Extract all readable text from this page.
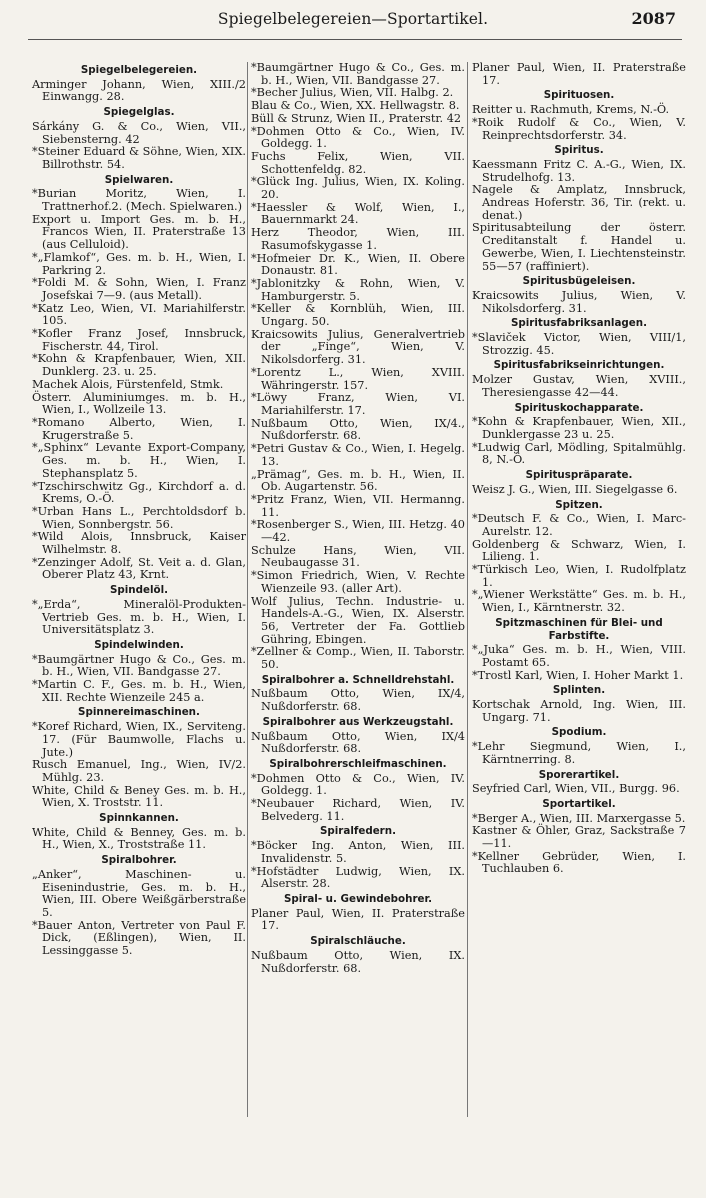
Spiegelbelegereien—Sportartikel.	2087
Spiegelbelegereien.
Arminger Johann, Wien, XIII./2 Einwangg. 28.
Spiegelglas.
Sárkány G. & Co., Wien, VII., Siebensterng. 42
*Steiner Eduard & Söhne, Wien, XIX. Billrothstr. 54.
Spielwaren.
*Burian Moritz, Wien, I. Trattnerhof.2. (Mech. Spielwaren.)
Export u. Import Ges. m. b. H., Francos Wien, II. Praterstraße 13 (aus Celluloid).
*„Flamkof“, Ges. m. b. H., Wien, I. Parkring 2.
*Foldi M. & Sohn, Wien, I. Franz Josefskai 7—9. (aus Metall).
*Katz Leo, Wien, VI. Mariahilferstr. 105.
*Kofler Franz Josef, Innsbruck, Fischerstr. 44, Tirol.
*Kohn & Krapfenbauer, Wien, XII. Dunklerg. 23. u. 25.
Machek Alois, Fürstenfeld, Stmk.
Österr. Aluminiumges. m. b. H., Wien, I., Wollzeile 13.
*Romano Alberto, Wien, I. Krugerstraße 5.
*„Sphinx“ Levante Export-Company, Ges. m. b. H., Wien, I. Stephansplatz 5.
*Tzschirschwitz Gg., Kirchdorf a. d. Krems, O.-Ö.
*Urban Hans L., Perchtoldsdorf b. Wien, Sonnbergstr. 56.
*Wild Alois, Innsbruck, Kaiser Wilhelmstr. 8.
*Zenzinger Adolf, St. Veit a. d. Glan, Oberer Platz 43, Krnt.
Spindelöl.
*„Erda“, Mineralöl-Produkten-Vertrieb Ges. m. b. H., Wien, I. Universitätsplatz 3.
Spindelwinden.
*Baumgärtner Hugo & Co., Ges. m. b. H., Wien, VII. Bandgasse 27.
*Martin C. F., Ges. m. b. H., Wien, XII. Rechte Wienzeile 245 a.
Spinnereimaschinen.
*Koref Richard, Wien, IX., Serviteng. 17. (Für Baumwolle, Flachs u. Jute.)
Rusch Emanuel, Ing., Wien, IV/2. Mühlg. 23.
White, Child & Beney Ges. m. b. H., Wien, X. Troststr. 11.
Spinnkannen.
White, Child & Benney, Ges. m. b. H., Wien, X., Troststraße 11.
Spiralbohrer.
„Anker“, Maschinen- u. Eisenindustrie, Ges. m. b. H., Wien, III. Obere Weißgärberstraße 5.
*Bauer Anton, Vertreter von Paul F. Dick, (Eßlingen), Wien, II. Lessinggasse 5.
*Baumgärtner Hugo & Co., Ges. m. b. H., Wien, VII. Bandgasse 27.
*Becher Julius, Wien, VII. Halbg. 2.
Blau & Co., Wien, XX. Hellwagstr. 8.
Büll & Strunz, Wien II., Praterstr. 42
*Dohmen Otto & Co., Wien, IV. Goldegg. 1.
Fuchs Felix, Wien, VII. Schottenfeldg. 82.
*Glück Ing. Julius, Wien, IX. Koling. 20.
*Haessler & Wolf, Wien, I., Bauernmarkt 24.
Herz Theodor, Wien, III. Rasumofskygasse 1.
*Hofmeier Dr. K., Wien, II. Obere Donaustr. 81.
*Jablonitzky & Rohn, Wien, V. Hamburgerstr. 5.
*Keller & Kornblüh, Wien, III. Ungarg. 50.
Kraicsowits Julius, Generalvertrieb der „Finge“, Wien, V. Nikolsdorferg. 31.
*Lorentz L., Wien, XVIII. Währingerstr. 157.
*Löwy Franz, Wien, VI. Mariahilferstr. 17.
Nußbaum Otto, Wien, IX/4., Nußdorferstr. 68.
*Petri Gustav & Co., Wien, I. Hegelg. 13.
„Prämag“, Ges. m. b. H., Wien, II. Ob. Augartenstr. 56.
*Pritz Franz, Wien, VII. Hermanng. 11.
*Rosenberger S., Wien, III. Hetzg. 40—42.
Schulze Hans, Wien, VII. Neubaugasse 31.
*Simon Friedrich, Wien, V. Rechte Wienzeile 93. (aller Art).
Wolf Julius, Techn. Industrie- u. Handels-A.-G., Wien, IX. Alserstr. 56, Vertreter der Fa. Gottlieb Gühring, Ebingen.
*Zellner & Comp., Wien, II. Taborstr. 50.
Spiralbohrer a. Schnelldrehstahl.
Nußbaum Otto, Wien, IX/4, Nußdorferstr. 68.
Spiralbohrer aus Werkzeugstahl.
Nußbaum Otto, Wien, IX/4 Nußdorferstr. 68.
Spiralbohrerschleifmaschinen.
*Dohmen Otto & Co., Wien, IV. Goldegg. 1.
*Neubauer Richard, Wien, IV. Belvederg. 11.
Spiralfedern.
*Böcker Ing. Anton, Wien, III. Invalidenstr. 5.
*Hofstädter Ludwig, Wien, IX. Alserstr. 28.
Spiral- u. Gewindebohrer.
Planer Paul, Wien, II. Praterstraße 17.
Spiralschläuche.
Nußbaum Otto, Wien, IX. Nußdorferstr. 68.
Planer Paul, Wien, II. Praterstraße 17.
Spirituosen.
Reitter u. Rachmuth, Krems, N.-Ö.
*Roik Rudolf & Co., Wien, V. Reinprechtsdorferstr. 34.
Spiritus.
Kaessmann Fritz C. A.-G., Wien, IX. Strudelhofg. 13.
Nagele & Amplatz, Innsbruck, Andreas Hoferstr. 36, Tir. (rekt. u. denat.)
Spiritusabteilung der österr. Creditanstalt f. Handel u. Gewerbe, Wien, I. Liechtensteinstr. 55—57 (raffiniert).
Spiritusbügeleisen.
Kraicsowits Julius, Wien, V. Nikolsdorferg. 31.
Spiritusfabriksanlagen.
*Slaviček Victor, Wien, VIII/1, Strozzig. 45.
Spiritusfabrikseinrichtungen.
Molzer Gustav, Wien, XVIII., Theresiengasse 42—44.
Spirituskochapparate.
*Kohn & Krapfenbauer, Wien, XII., Dunklergasse 23 u. 25.
*Ludwig Carl, Mödling, Spitalmühlg. 8, N.-Ö.
Spirituspräparate.
Weisz J. G., Wien, III. Siegelgasse 6.
Spitzen.
*Deutsch F. & Co., Wien, I. Marc-Aurelstr. 12.
Goldenberg & Schwarz, Wien, I. Lilieng. 1.
*Türkisch Leo, Wien, I. Rudolfplatz 1.
*„Wiener Werkstätte“ Ges. m. b. H., Wien, I., Kärntnerstr. 32.
Spitzmaschinen für Blei- und Farbstifte.
*„Juka“ Ges. m. b. H., Wien, VIII. Postamt 65.
*Trostl Karl, Wien, I. Hoher Markt 1.
Splinten.
Kortschak Arnold, Ing. Wien, III. Ungarg. 71.
Spodium.
*Lehr Siegmund, Wien, I., Kärntnerring. 8.
Sporerartikel.
Seyfried Carl, Wien, VII., Burgg. 96.
Sportartikel.
*Berger A., Wien, III. Marxergasse 5.
Kastner & Öhler, Graz, Sackstraße 7—11.
*Kellner Gebrüder, Wien, I. Tuchlauben 6.
